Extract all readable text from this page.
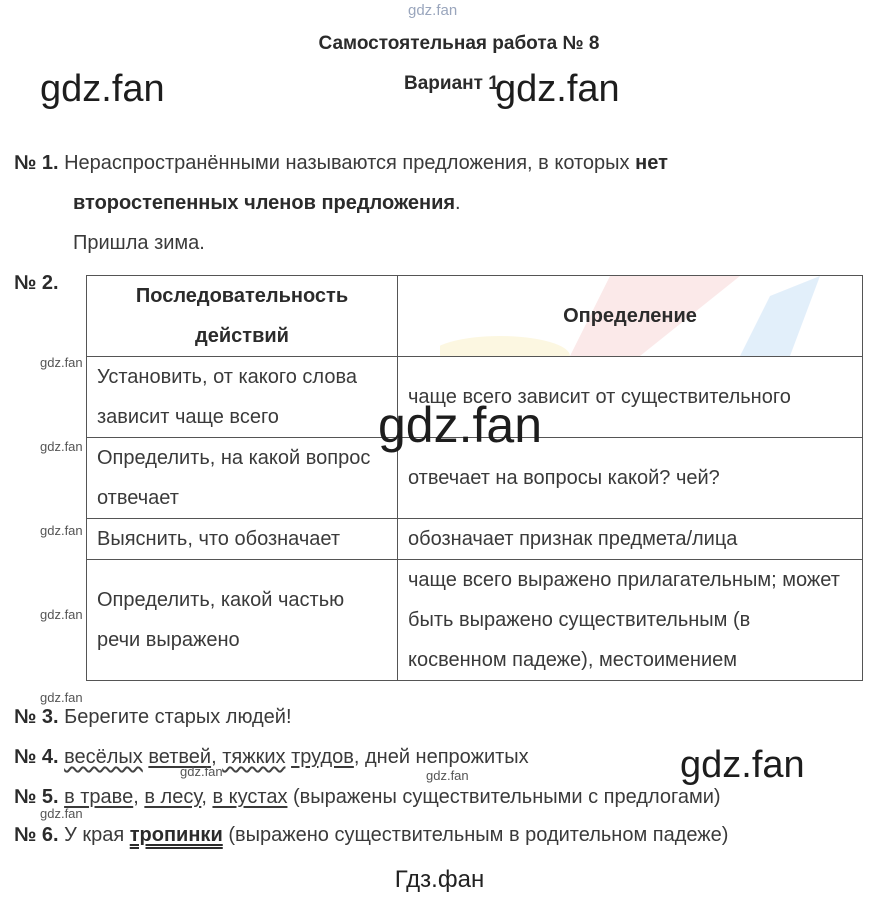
gdz.fan
gdz.fan	gdz.fan
Самостоятельная работа № 8
Вариант 1
№ 1. Нераспространёнными называются предложения, в которых нет
второстепенных членов предложения.
Пришла зима.
№ 2.
Последовательность действий	Определение
Установить, от какого слова зависит чаще всего	чаще всего зависит от существительного
Определить, на какой вопрос отвечает	отвечает на вопросы какой? чей?
Выяснить, что обозначает	обозначает признак предмета/лица
Определить, какой частью речи выражено	чаще всего выражено прилагательным; может быть выражено существительным (в косвенном падеже), местоимением
gdz.fan
gdz.fan
gdz.fan
gdz.fan
gdz.fan
gdz.fan
№ 3. Берегите старых людей!
№ 4. весёлых ветвей, тяжких трудов, дней непрожитых
gdz.fan	gdz.fan	gdz.fan
№ 5. в траве, в лесу, в кустах (выражены существительными с предлогами)
gdz.fan
№ 6. У края тропинки (выражено существительным в родительном падеже)
Гдз.фан
